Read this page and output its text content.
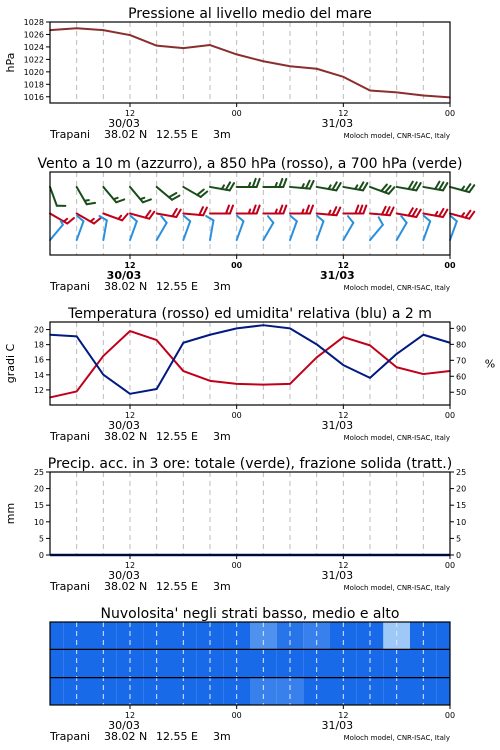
Pressione al livello medio del mare
12	00	12	00
30/03	31/03
Trapani 38.02 N 12.55 E 3m	Moloch model, CNR-ISAC, Italy
1016
1018
1020
1022
1024
1026
1028
hPa
Vento a 10 m (azzurro), a 850 hPa (rosso), a 700 hPa (verde)
12	00	12	00
30/03	31/03
Trapani 38.02 N 12.55 E 3m	Moloch model, CNR-ISAC, Italy
Temperatura (rosso) ed umidita' relativa (blu) a 2 m
12	00	12	00
30/03	31/03
Trapani 38.02 N 12.55 E 3m	Moloch model, CNR-ISAC, Italy
12
14
16
18
20
50
60
70
80
90
gradi C	%
Precip. acc. in 3 ore: totale (verde), frazione solida (tratt.)
12	00	12	00
30/03	31/03
Trapani 38.02 N 12.55 E 3m	Moloch model, CNR-ISAC, Italy
0
5
10
15
20
25
0
5
10
15
20
25
mm
Nuvolosita' negli strati basso, medio e alto
12	00	12	00
30/03	31/03
Trapani 38.02 N 12.55 E 3m	Moloch model, CNR-ISAC, Italy
